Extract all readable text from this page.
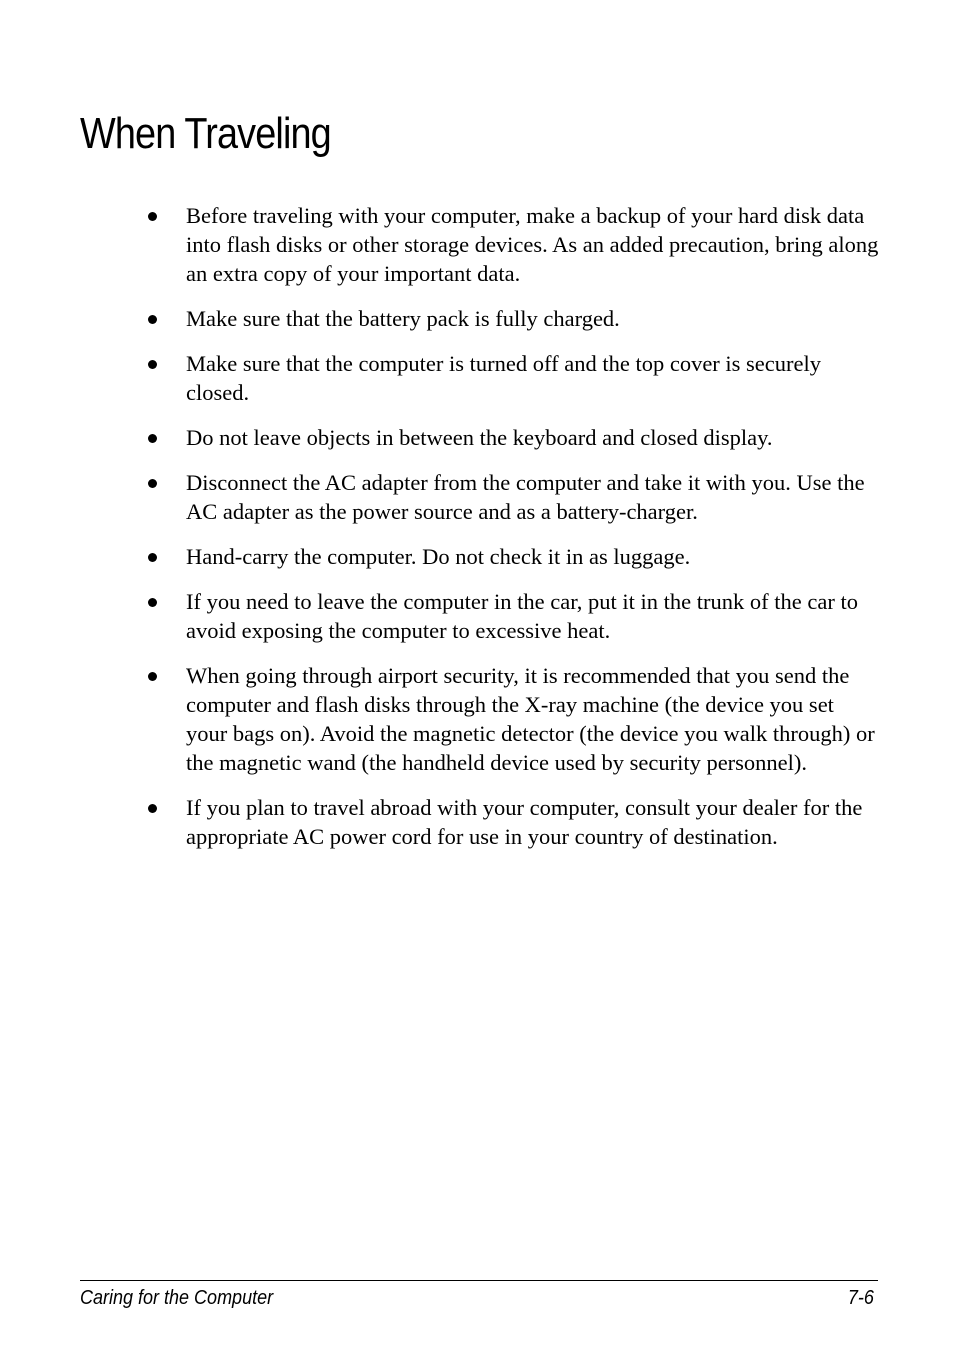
When Traveling
Before traveling with your computer, make a backup of your hard disk data into flash disks or other storage devices. As an added precaution, bring along an extra copy of your important data.
Make sure that the battery pack is fully charged.
Make sure that the computer is turned off and the top cover is securely closed.
Do not leave objects in between the keyboard and closed display.
Disconnect the AC adapter from the computer and take it with you. Use the AC adapter as the power source and as a battery-charger.
Hand-carry the computer. Do not check it in as luggage.
If you need to leave the computer in the car, put it in the trunk of the car to avoid exposing the computer to excessive heat.
When going through airport security, it is recommended that you send the computer and flash disks through the X-ray machine (the device you set your bags on). Avoid the magnetic detector (the device you walk through) or the magnetic wand (the handheld device used by security personnel).
If you plan to travel abroad with your computer, consult your dealer for the appropriate AC power cord for use in your country of destination.
Caring for the Computer	7-6
